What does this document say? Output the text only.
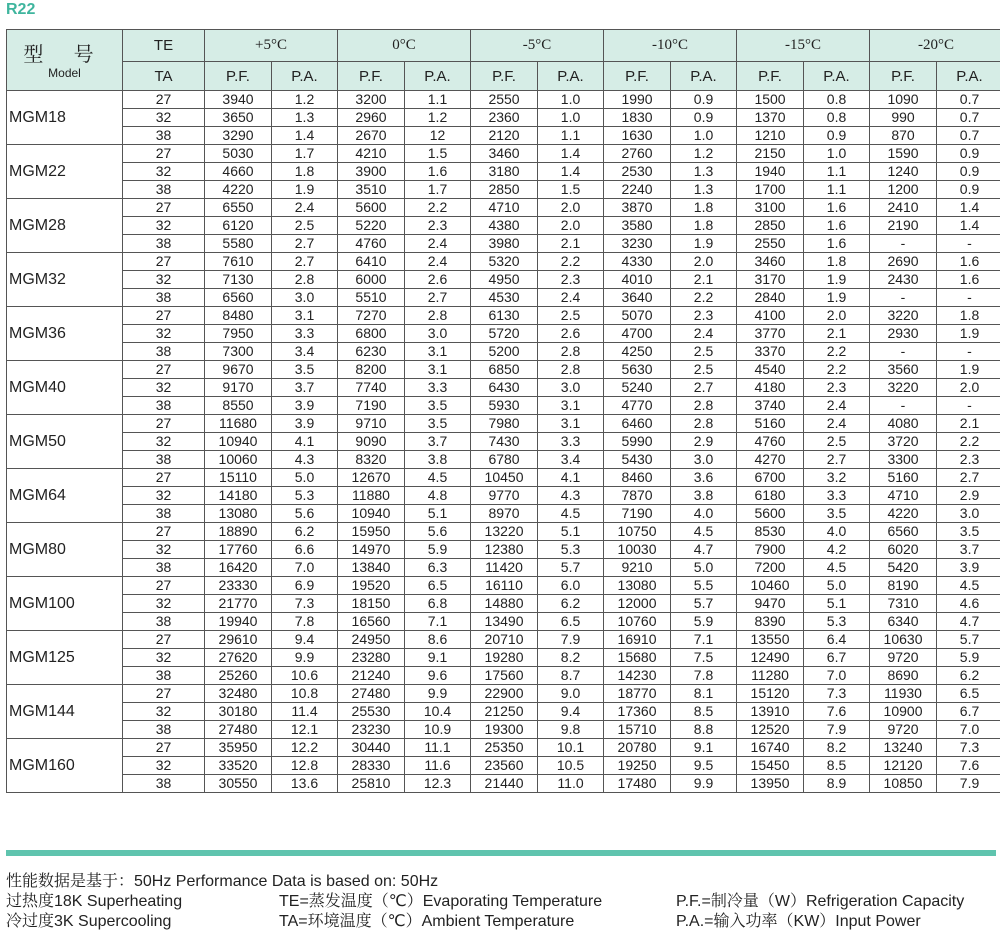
R22
型 号
Model	TE	+5°C		0°C		-5°C		-10°C		-15°C		-20°C	
	TA	P.F.	P.A.	P.F.	P.A.	P.F.	P.A.	P.F.	P.A.	P.F.	P.A.	P.F.	P.A.
MGM18	27	3940	1.2	3200	1.1	2550	1.0	1990	0.9	1500	0.8	1090	0.7
	32	3650	1.3	2960	1.2	2360	1.0	1830	0.9	1370	0.8	990	0.7
	38	3290	1.4	2670	12	2120	1.1	1630	1.0	1210	0.9	870	0.7
MGM22	27	5030	1.7	4210	1.5	3460	1.4	2760	1.2	2150	1.0	1590	0.9
	32	4660	1.8	3900	1.6	3180	1.4	2530	1.3	1940	1.1	1240	0.9
	38	4220	1.9	3510	1.7	2850	1.5	2240	1.3	1700	1.1	1200	0.9
MGM28	27	6550	2.4	5600	2.2	4710	2.0	3870	1.8	3100	1.6	2410	1.4
	32	6120	2.5	5220	2.3	4380	2.0	3580	1.8	2850	1.6	2190	1.4
	38	5580	2.7	4760	2.4	3980	2.1	3230	1.9	2550	1.6	-	-
MGM32	27	7610	2.7	6410	2.4	5320	2.2	4330	2.0	3460	1.8	2690	1.6
	32	7130	2.8	6000	2.6	4950	2.3	4010	2.1	3170	1.9	2430	1.6
	38	6560	3.0	5510	2.7	4530	2.4	3640	2.2	2840	1.9	-	-
MGM36	27	8480	3.1	7270	2.8	6130	2.5	5070	2.3	4100	2.0	3220	1.8
	32	7950	3.3	6800	3.0	5720	2.6	4700	2.4	3770	2.1	2930	1.9
	38	7300	3.4	6230	3.1	5200	2.8	4250	2.5	3370	2.2	-	-
MGM40	27	9670	3.5	8200	3.1	6850	2.8	5630	2.5	4540	2.2	3560	1.9
	32	9170	3.7	7740	3.3	6430	3.0	5240	2.7	4180	2.3	3220	2.0
	38	8550	3.9	7190	3.5	5930	3.1	4770	2.8	3740	2.4	-	-
MGM50	27	11680	3.9	9710	3.5	7980	3.1	6460	2.8	5160	2.4	4080	2.1
	32	10940	4.1	9090	3.7	7430	3.3	5990	2.9	4760	2.5	3720	2.2
	38	10060	4.3	8320	3.8	6780	3.4	5430	3.0	4270	2.7	3300	2.3
MGM64	27	15110	5.0	12670	4.5	10450	4.1	8460	3.6	6700	3.2	5160	2.7
	32	14180	5.3	11880	4.8	9770	4.3	7870	3.8	6180	3.3	4710	2.9
	38	13080	5.6	10940	5.1	8970	4.5	7190	4.0	5600	3.5	4220	3.0
MGM80	27	18890	6.2	15950	5.6	13220	5.1	10750	4.5	8530	4.0	6560	3.5
	32	17760	6.6	14970	5.9	12380	5.3	10030	4.7	7900	4.2	6020	3.7
	38	16420	7.0	13840	6.3	11420	5.7	9210	5.0	7200	4.5	5420	3.9
MGM100	27	23330	6.9	19520	6.5	16110	6.0	13080	5.5	10460	5.0	8190	4.5
	32	21770	7.3	18150	6.8	14880	6.2	12000	5.7	9470	5.1	7310	4.6
	38	19940	7.8	16560	7.1	13490	6.5	10760	5.9	8390	5.3	6340	4.7
MGM125	27	29610	9.4	24950	8.6	20710	7.9	16910	7.1	13550	6.4	10630	5.7
	32	27620	9.9	23280	9.1	19280	8.2	15680	7.5	12490	6.7	9720	5.9
	38	25260	10.6	21240	9.6	17560	8.7	14230	7.8	11280	7.0	8690	6.2
MGM144	27	32480	10.8	27480	9.9	22900	9.0	18770	8.1	15120	7.3	11930	6.5
	32	30180	11.4	25530	10.4	21250	9.4	17360	8.5	13910	7.6	10900	6.7
	38	27480	12.1	23230	10.9	19300	9.8	15710	8.8	12520	7.9	9720	7.0
MGM160	27	35950	12.2	30440	11.1	25350	10.1	20780	9.1	16740	8.2	13240	7.3
	32	33520	12.8	28330	11.6	23560	10.5	19250	9.5	15450	8.5	12120	7.6
	38	30550	13.6	25810	12.3	21440	11.0	17480	9.9	13950	8.9	10850	7.9
性能数据是基于：50Hz Performance Data is based on: 50Hz
过热度18K Superheating	TE=蒸发温度（℃）Evaporating Temperature	P.F.=制冷量（W）Refrigeration Capacity
冷过度3K Supercooling	TA=环境温度（℃）Ambient Temperature	P.A.=输入功率（KW）Input Power
